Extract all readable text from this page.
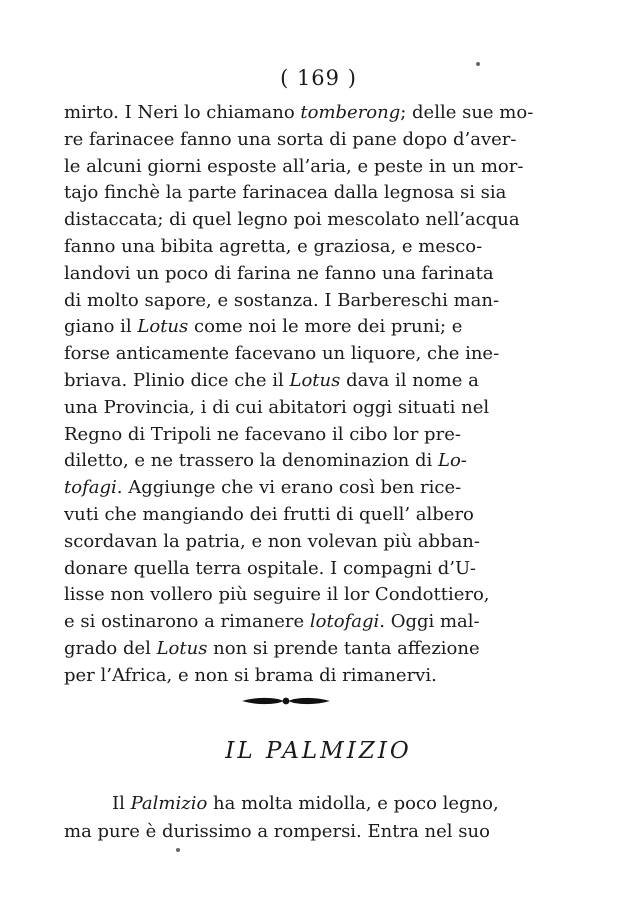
( 169 )
mirto. I Neri lo chiamano tomberong; delle sue mo-
re farinacee fanno una sorta di pane dopo d’aver-
le alcuni giorni esposte all’aria, e peste in un mor-
tajo finchè la parte farinacea dalla legnosa si sia
distaccata; di quel legno poi mescolato nell’acqua
fanno una bibita agretta, e graziosa, e mesco-
landovi un poco di farina ne fanno una farinata
di molto sapore, e sostanza. I Barbereschi man-
giano il Lotus come noi le more dei pruni; e
forse anticamente facevano un liquore, che ine-
briava. Plinio dice che il Lotus dava il nome a
una Provincia, i di cui abitatori oggi situati nel
Regno di Tripoli ne facevano il cibo lor pre-
diletto, e ne trassero la denominazion di Lo-
tofagi. Aggiunge che vi erano così ben rice-
vuti che mangiando dei frutti di quell’ albero
scordavan la patria, e non volevan più abban-
donare quella terra ospitale. I compagni d’U-
lisse non vollero più seguire il lor Condottiero,
e si ostinarono a rimanere lotofagi. Oggi mal-
grado del Lotus non si prende tanta affezione
per l’Africa, e non si brama di rimanervi.
IL PALMIZIO
Il Palmizio ha molta midolla, e poco legno,
ma pure è durissimo a rompersi. Entra nel suo
